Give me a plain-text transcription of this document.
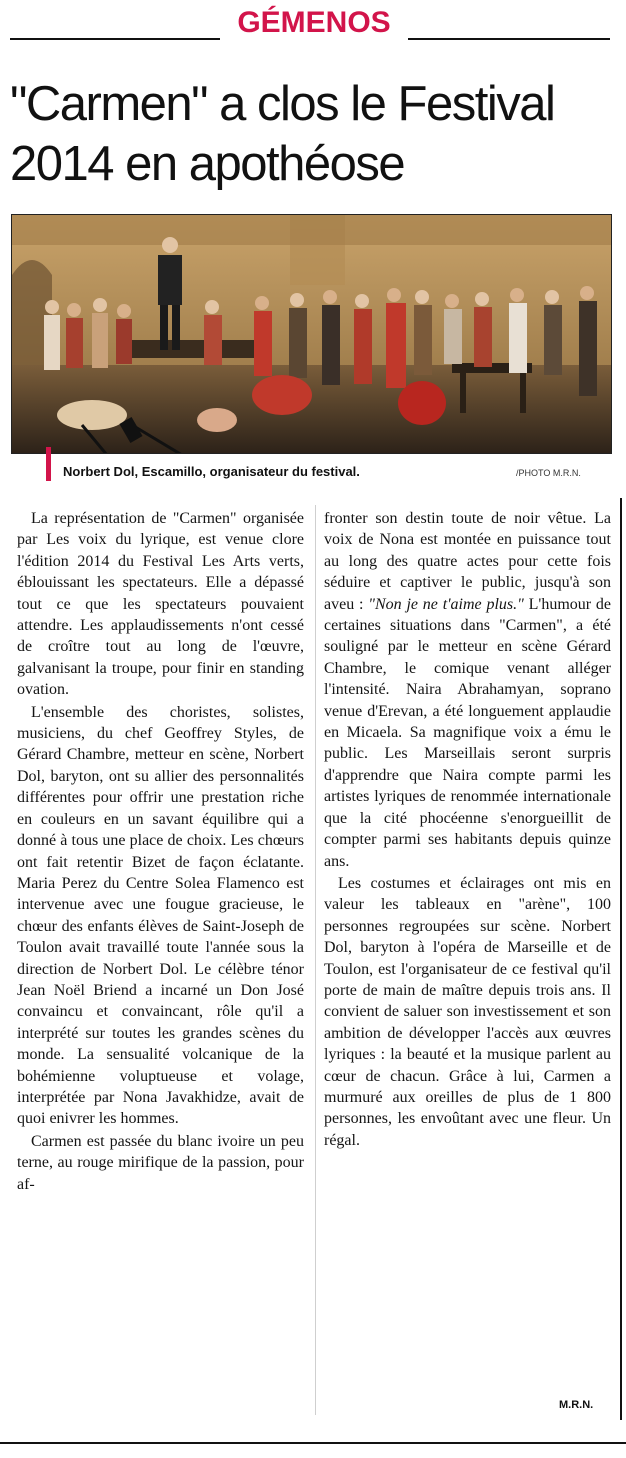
GÉMENOS
"Carmen" a clos le Festival 2014 en apothéose
Norbert Dol, Escamillo, organisateur du festival.	/PHOTO M.R.N.

La représentation de "Carmen" organisée par Les voix du lyrique, est venue clore l'édition 2014 du Festival Les Arts verts, éblouissant les spectateurs. Elle a dépassé tout ce que les spectateurs pouvaient attendre. Les applaudissements n'ont cessé de croître tout au long de l'œuvre, galvanisant la troupe, pour finir en standing ovation.

L'ensemble des choristes, solistes, musiciens, du chef Geoffrey Styles, de Gérard Chambre, metteur en scène, Norbert Dol, baryton, ont su allier des personnalités différentes pour offrir une prestation riche en couleurs en un savant équilibre qui a donné à tous une place de choix. Les chœurs ont fait retentir Bizet de façon éclatante. Maria Perez du Centre Solea Flamenco est intervenue avec une fougue gracieuse, le chœur des enfants élèves de Saint-Joseph de Toulon avait travaillé toute l'année sous la direction de Norbert Dol. Le célèbre ténor Jean Noël Briend a incarné un Don José convaincu et convaincant, rôle qu'il a interprété sur toutes les grandes scènes du monde. La sensualité volcanique de la bohémienne voluptueuse et volage, interprétée par Nona Javakhidze, avait de quoi enivrer les hommes.

Carmen est passée du blanc ivoire un peu terne, au rouge mirifique de la passion, pour af-

fronter son destin toute de noir vêtue. La voix de Nona est montée en puissance tout au long des quatre actes pour cette fois séduire et captiver le public, jusqu'à son aveu : "Non je ne t'aime plus." L'humour de certaines situations dans "Carmen", a été souligné par le metteur en scène Gérard Chambre, le comique venant alléger l'intensité. Naira Abrahamyan, soprano venue d'Erevan, a été longuement applaudie en Micaela. Sa magnifique voix a ému le public. Les Marseillais seront surpris d'apprendre que Naira compte parmi les artistes lyriques de renommée internationale que la cité phocéenne s'enorgueillit de compter parmi ses habitants depuis quinze ans.

Les costumes et éclairages ont mis en valeur les tableaux en "arène", 100 personnes regroupées sur scène. Norbert Dol, baryton à l'opéra de Marseille et de Toulon, est l'organisateur de ce festival qu'il porte de main de maître depuis trois ans. Il convient de saluer son investissement et son ambition de développer l'accès aux œuvres lyriques : la beauté et la musique parlent au cœur de chacun. Grâce à lui, Carmen a murmuré aux oreilles de plus de 1 800 personnes, les envoûtant avec une fleur. Un régal.

M.R.N.
